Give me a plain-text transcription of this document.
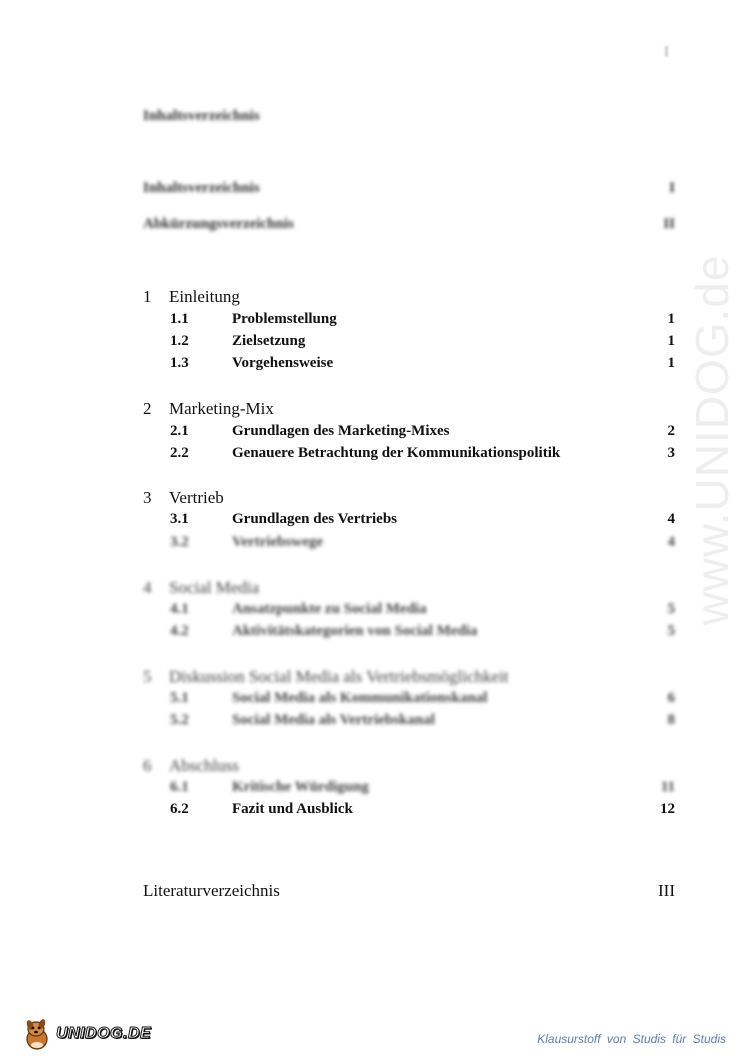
www.UNIDOG.de
I
Inhaltsverzeichnis
Inhaltsverzeichnis	I
Abkürzungsverzeichnis	II
1 Einleitung
1.1	Problemstellung	1
1.2	Zielsetzung	1
1.3	Vorgehensweise	1
2 Marketing-Mix
2.1	Grundlagen des Marketing-Mixes	2
2.2	Genauere Betrachtung der Kommunikationspolitik	3
3 Vertrieb
3.1	Grundlagen des Vertriebs	4
3.2	Vertriebswege	4
4 Social Media
4.1	Ansatzpunkte zu Social Media	5
4.2	Aktivitätskategorien von Social Media	5
5 Diskussion Social Media als Vertriebsmöglichkeit
5.1	Social Media als Kommunikationskanal	6
5.2	Social Media als Vertriebskanal	8
6 Abschluss
6.1	Kritische Würdigung	11
6.2	Fazit und Ausblick	12
Literaturverzeichnis	III
UNIDOG.DE	Klausurstoff von Studis für Studis
